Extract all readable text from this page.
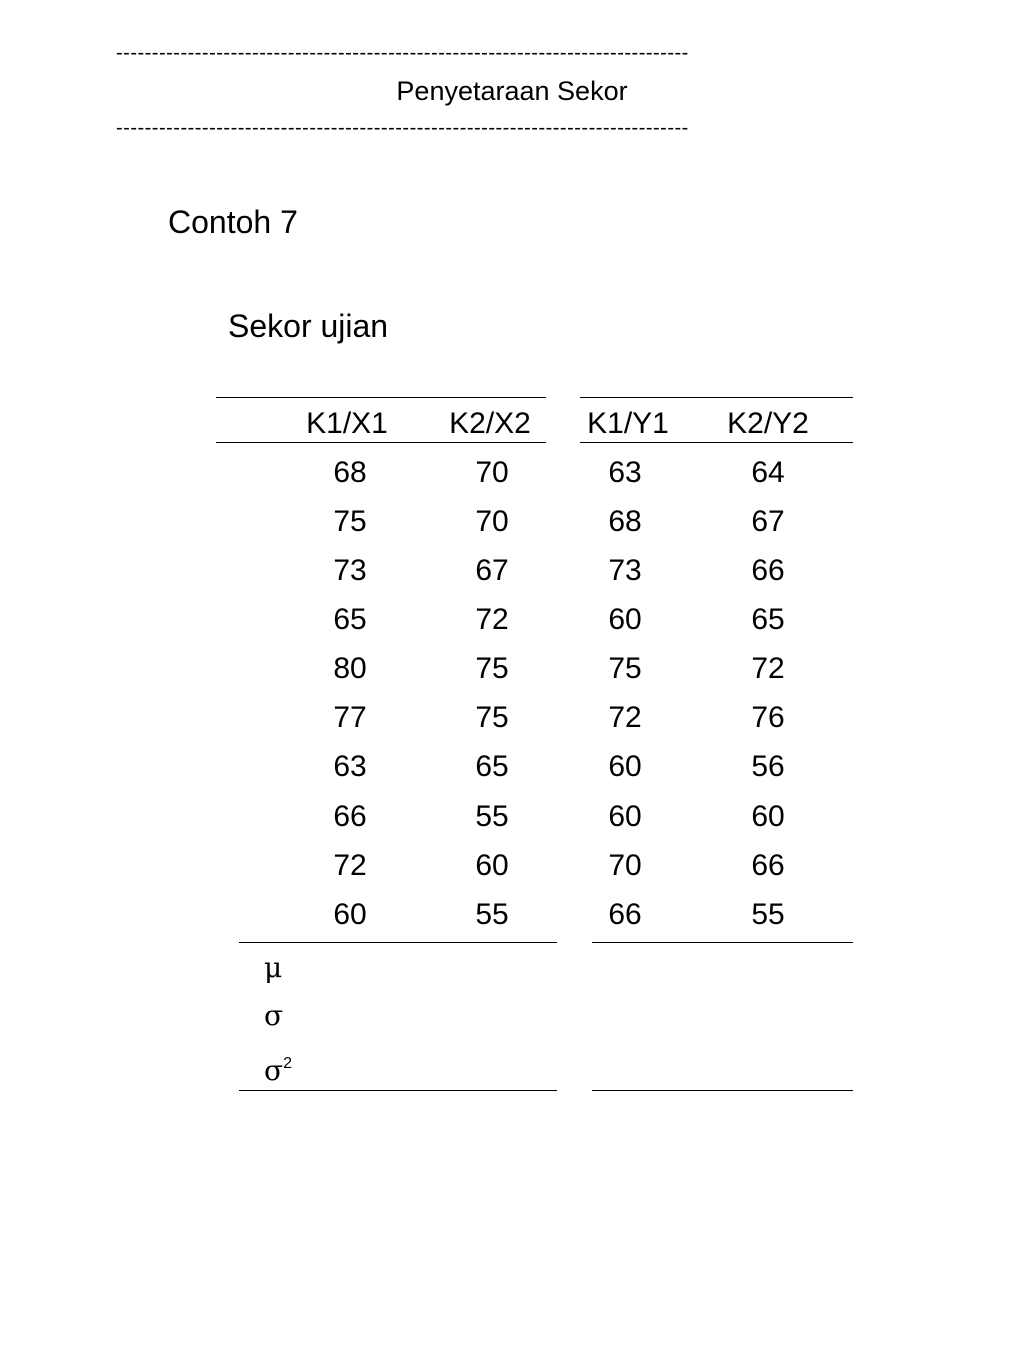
--------------------------------------------------------------------------------
Penyetaraan Sekor
--------------------------------------------------------------------------------
Contoh 7
Sekor ujian
K1/X1	K2/X2	K1/Y1	K2/Y2
68	70	63	64
75	70	68	67
73	67	73	66
65	72	60	65
80	75	75	72
77	75	72	76
63	65	60	56
66	55	60	60
72	60	70	66
60	55	66	55
μ
σ
$\sigma^2$
